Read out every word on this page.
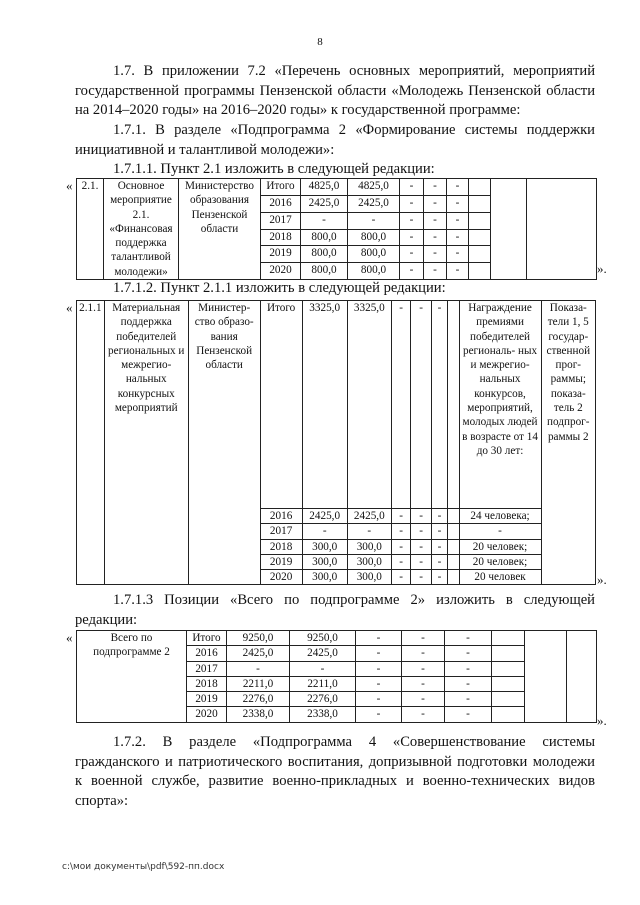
8
1.7. В приложении 7.2 «Перечень основных мероприятий, мероприятий государственной программы Пензенской области «Молодежь Пензенской области на 2014–2020 годы» на 2016–2020 годы» к государственной программе:
1.7.1. В разделе «Подпрограмма 2 «Формирование системы поддержки инициативной и талантливой молодежи»:
1.7.1.1. Пункт 2.1 изложить в следующей редакции:
« 2.1.	Основное мероприятие 2.1. «Финансовая поддержка талантливой молодежи»	Министерство образования Пензенской области	Итого	4825,0	4825,0	-	-	-			
			2016	2425,0	2425,0	-	-	-			
			2017	-	-	-	-	-			
			2018	800,0	800,0	-	-	-			
			2019	800,0	800,0	-	-	-			
			2020	800,0	800,0	-	-	-				».
1.7.1.2. Пункт 2.1.1 изложить в следующей редакции:
« 2.1.1	Материальная поддержка победителей региональных и межрегио- нальных конкурсных мероприятий	Министер- ство образо- вания Пензенской области	Итого	3325,0	3325,0	-	-	-		Награждение премиями победителей региональ- ных и межрегио- нальных конкурсов, мероприятий, молодых людей в возрасте от 14 до 30 лет:	Показа- тели 1, 5 государ- ственной прог- раммы; показа- тель 2 подпрог- раммы 2
			2016	2425,0	2425,0	-	-	-		24 человека;	
			2017	-	-	-	-	-		-	
			2018	300,0	300,0	-	-	-		20 человек;	
			2019	300,0	300,0	-	-	-		20 человек;	
			2020	300,0	300,0	-	-	-		20 человек		».
1.7.1.3 Позиции «Всего по подпрограмме 2» изложить в следующей редакции:
«	Всего по подпрограмме 2	Итого	9250,0	9250,0	-	-	-			
	2016	2425,0	2425,0	-	-	-			
	2017	-	-	-	-	-			
	2018	2211,0	2211,0	-	-	-			
	2019	2276,0	2276,0	-	-	-			
	2020	2338,0	2338,0	-	-	-				».
1.7.2. В разделе «Подпрограмма 4 «Совершенствование системы гражданского и патриотического воспитания, допризывной подготовки молодежи к военной службе, развитие военно-прикладных и военно-технических видов спорта»:
c:\мои документы\pdf\592-пп.docx
